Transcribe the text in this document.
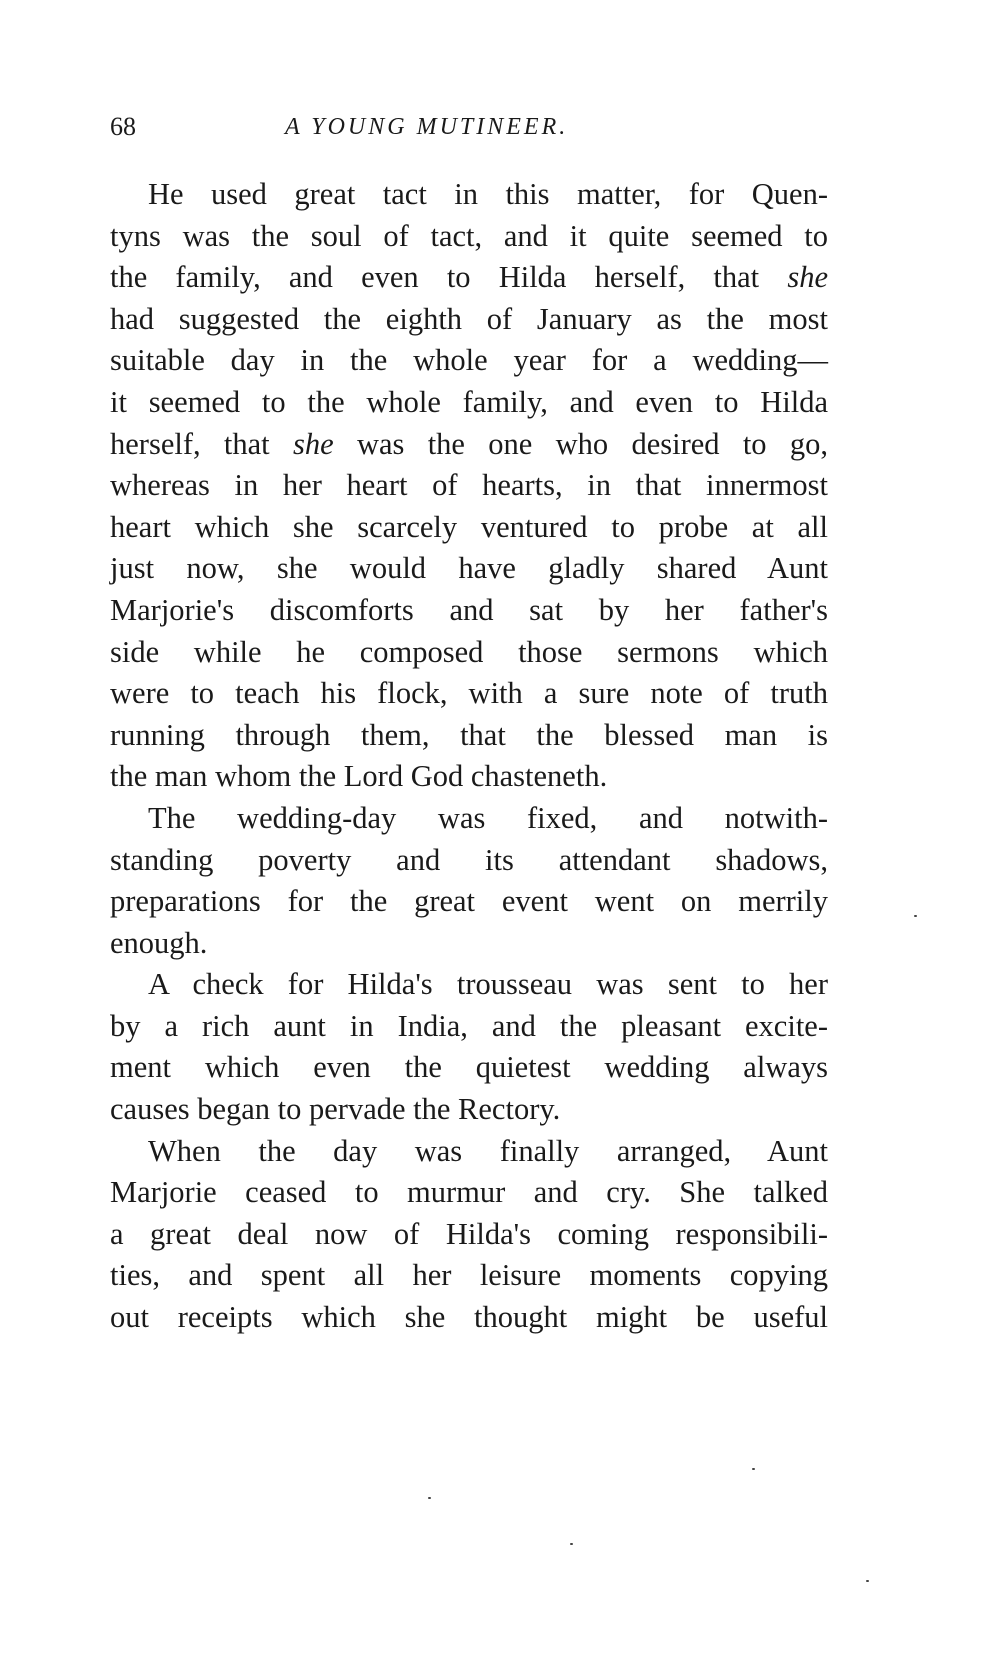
68	A YOUNG MUTINEER.
He used great tact in this matter, for Quen-
tyns was the soul of tact, and it quite seemed to
the family, and even to Hilda herself, that she
had suggested the eighth of January as the most
suitable day in the whole year for a wedding—
it seemed to the whole family, and even to Hilda
herself, that she was the one who desired to go,
whereas in her heart of hearts, in that innermost
heart which she scarcely ventured to probe at all
just now, she would have gladly shared Aunt
Marjorie's discomforts and sat by her father's
side while he composed those sermons which
were to teach his flock, with a sure note of truth
running through them, that the blessed man is
the man whom the Lord God chasteneth.
The wedding-day was fixed, and notwith-
standing poverty and its attendant shadows,
preparations for the great event went on merrily
enough.
A check for Hilda's trousseau was sent to her
by a rich aunt in India, and the pleasant excite-
ment which even the quietest wedding always
causes began to pervade the Rectory.
When the day was finally arranged, Aunt
Marjorie ceased to murmur and cry. She talked
a great deal now of Hilda's coming responsibili-
ties, and spent all her leisure moments copying
out receipts which she thought might be useful
